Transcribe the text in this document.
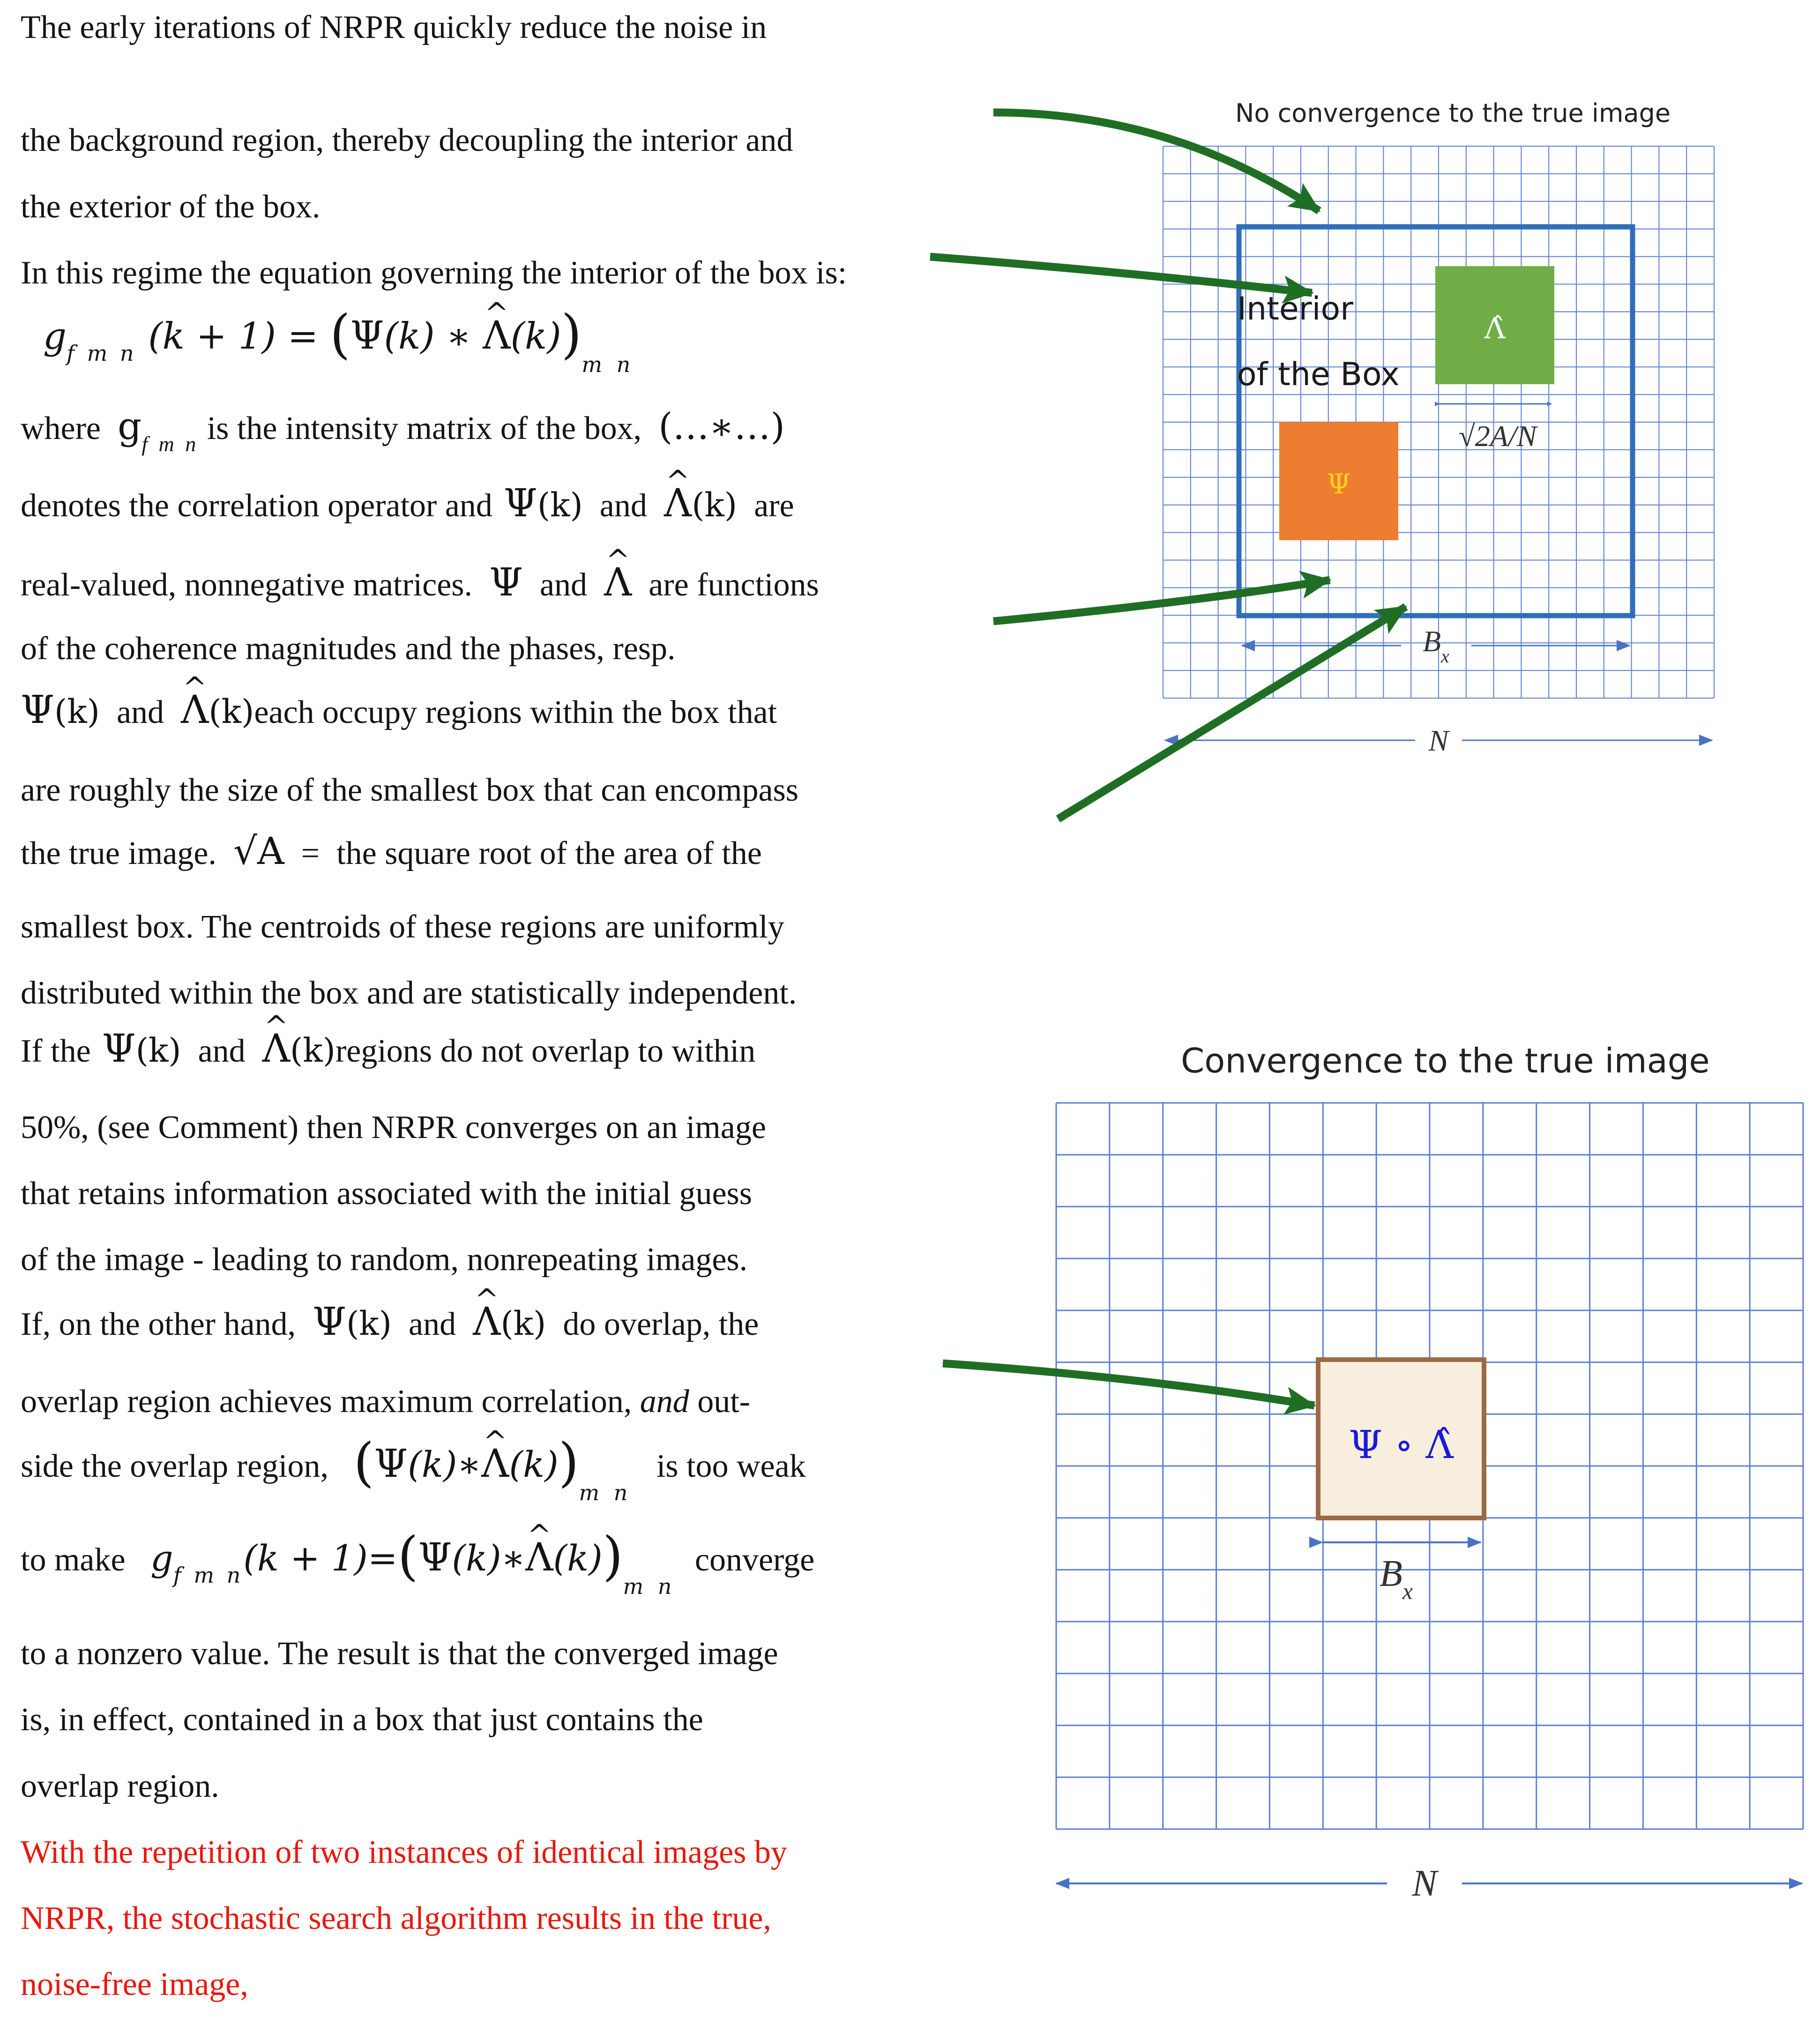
The early iterations of NRPR quickly reduce the noise in

the background region, thereby decoupling the interior and

the exterior of the box.

In this regime the equation governing the interior of the box is:

$g_{f m n}$ (k + 1) = (Ψ(k) ∗ ^ $\Lambda(k))_{m n}$

where $g_{f m n}$ is the intensity matrix of the box, (…∗…)

denotes the correlation operator and Ψ(k) and ^ Λ(k) are

real-valued, nonnegative matrices. Ψ and ^ Λ are functions

of the coherence magnitudes and the phases, resp.

Ψ(k) and ^ Λ(k)each occupy regions within the box that

are roughly the size of the smallest box that can encompass

the true image. √A = the square root of the area of the

smallest box. The centroids of these regions are uniformly

distributed within the box and are statistically independent.

If the Ψ(k) and ^ Λ(k)regions do not overlap to within

50%, (see Comment) then NRPR converges on an image

that retains information associated with the initial guess

of the image - leading to random, nonrepeating images.

If, on the other hand, Ψ(k) and ^ Λ(k) do overlap, the

overlap region achieves maximum correlation, and out-

side the overlap region, (Ψ(k)∗^ $\Lambda(k))_{m n}$ is too weak
to make $g_{f m n}(k$ + 1)=(Ψ(k)∗^ $\Lambda(k))_{m n}$ converge

to a nonzero value. The result is that the converged image

is, in effect, contained in a box that just contains the

overlap region.

With the repetition of two instances of identical images by

NRPR, the stochastic search algorithm results in the true,

noise-free image,

Ψ
Λ̂
√2A/N
$B_x$
N
Ψ ∘ Λ̂
$B_x$
N
No convergence to the true image
Interior
of the Box
Convergence to the true image
